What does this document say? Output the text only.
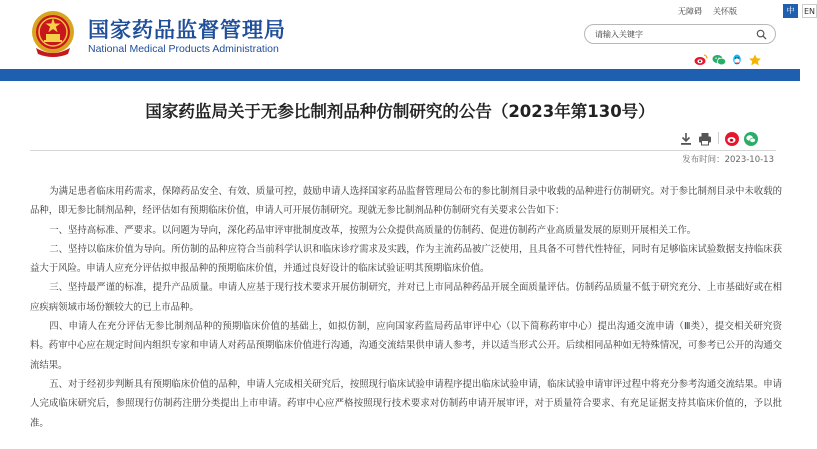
国家药品监督管理局
National Medical Products Administration
无障碍 关怀版	中	EN
请输入关键字
国家药监局关于无参比制剂品种仿制研究的公告（2023年第130号）
发布时间：2023-10-13

为满足患者临床用药需求，保障药品安全、有效、质量可控，鼓励申请人选择国家药品监督管理局公布的参比制剂目录中收载的品种进行仿制研究。对于参比制剂目录中未收载的品种，即无参比制剂品种，经评估如有预期临床价值，申请人可开展仿制研究。现就无参比制剂品种仿制研究有关要求公告如下：

一、坚持高标准、严要求。以问题为导向，深化药品审评审批制度改革，按照为公众提供高质量的仿制药、促进仿制药产业高质量发展的原则开展相关工作。

二、坚持以临床价值为导向。所仿制的品种应符合当前科学认识和临床诊疗需求及实践，作为主流药品被广泛使用，且具备不可替代性特征，同时有足够临床试验数据支持临床获益大于风险。申请人应充分评估拟申报品种的预期临床价值，并通过良好设计的临床试验证明其预期临床价值。

三、坚持最严谨的标准，提升产品质量。申请人应基于现行技术要求开展仿制研究，并对已上市同品种药品开展全面质量评估。仿制药品质量不低于研究充分、上市基础好或在相应疾病领域市场份额较大的已上市品种。

四、申请人在充分评估无参比制剂品种的预期临床价值的基础上，如拟仿制，应向国家药监局药品审评中心（以下简称药审中心）提出沟通交流申请（Ⅲ类），提交相关研究资料。药审中心应在规定时间内组织专家和申请人对药品预期临床价值进行沟通，沟通交流结果供申请人参考，并以适当形式公开。后续相同品种如无特殊情况，可参考已公开的沟通交流结果。

五、对于经初步判断具有预期临床价值的品种，申请人完成相关研究后，按照现行临床试验申请程序提出临床试验申请，临床试验申请审评过程中将充分参考沟通交流结果。申请人完成临床研究后，参照现行仿制药注册分类提出上市申请。药审中心应严格按照现行技术要求对仿制药申请开展审评，对于质量符合要求、有充足证据支持其临床价值的，予以批准。
